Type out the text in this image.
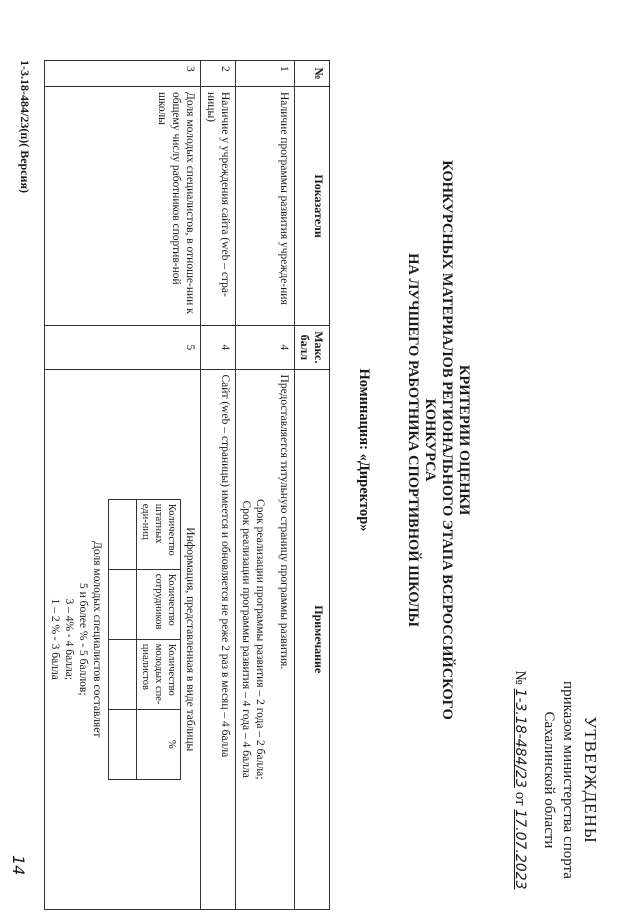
УТВЕРЖДЕНЫ
приказом министерства спорта
Сахалинской области
№ 1-3.18-484/23 от 17.07.2023
КРИТЕРИИ ОЦЕНКИ
КОНКУРСНЫХ МАТЕРИАЛОВ РЕГИОНАЛЬНОГО ЭТАПА ВСЕРОССИЙСКОГО КОНКУРСА
НА ЛУЧШЕГО РАБОТНИКА СПОРТИВНОЙ ШКОЛЫ
Номинация: «Директор»
№	Показатели	Макс. балл	Примечание
1	Наличие программы развития учрежде-ния	4	

Предоставляется титульную страницу программы развития.

Срок реализации программы развития – 2 года – 2 балла;
Срок реализации программы развития – 4 года – 4 балла

2	Наличие у учреждения сайта (web – стра-ницы)	4	Сайт (web – страницы) имеется и обновляется не реже 2 раз в месяц – 4 балла
3	Доля молодых специалистов, в отноше-нии к общему числу работников спортив-ной школы	5	
Информация, представленная в виде таблицы
Количество штатных еди-ниц	Количество сотрудников	Количество молодых спе-циалистов	%

Доля молодых специалистов составляет
5 и более % - 5 баллов;
3 – 4% - 4 балла;
1 – 2 % - 3 балла
1-3.18-484/23(п)( Версия)
14
